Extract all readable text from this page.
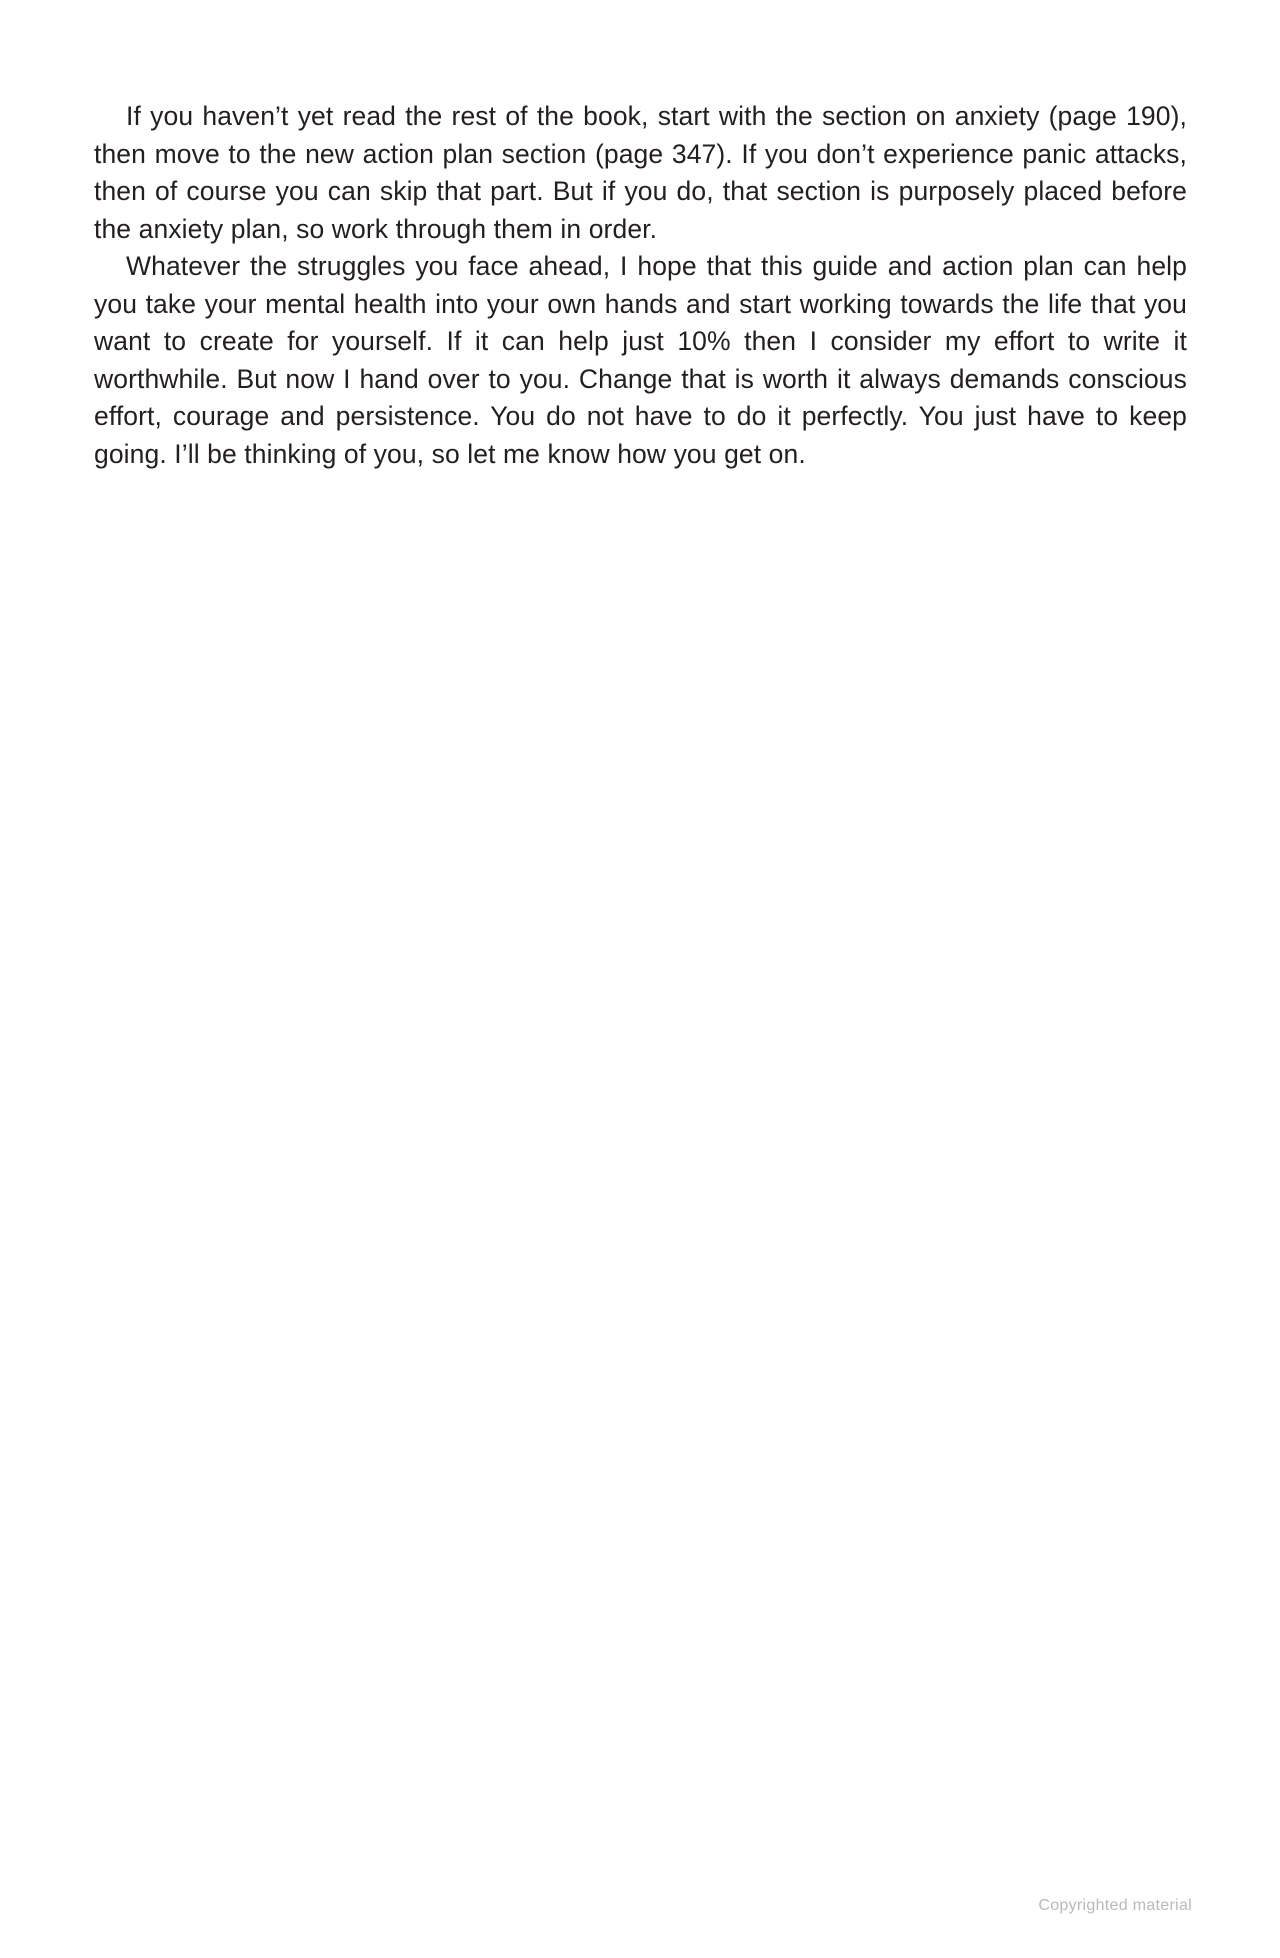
If you haven’t yet read the rest of the book, start with the section on anxiety (page 190), then move to the new action plan section (page 347). If you don’t experience panic attacks, then of course you can skip that part. But if you do, that section is purposely placed before the anxiety plan, so work through them in order.

Whatever the struggles you face ahead, I hope that this guide and action plan can help you take your mental health into your own hands and start working towards the life that you want to create for yourself. If it can help just 10% then I consider my effort to write it worthwhile. But now I hand over to you. Change that is worth it always demands conscious effort, courage and persistence. You do not have to do it perfectly. You just have to keep going. I’ll be thinking of you, so let me know how you get on.

Copyrighted material
